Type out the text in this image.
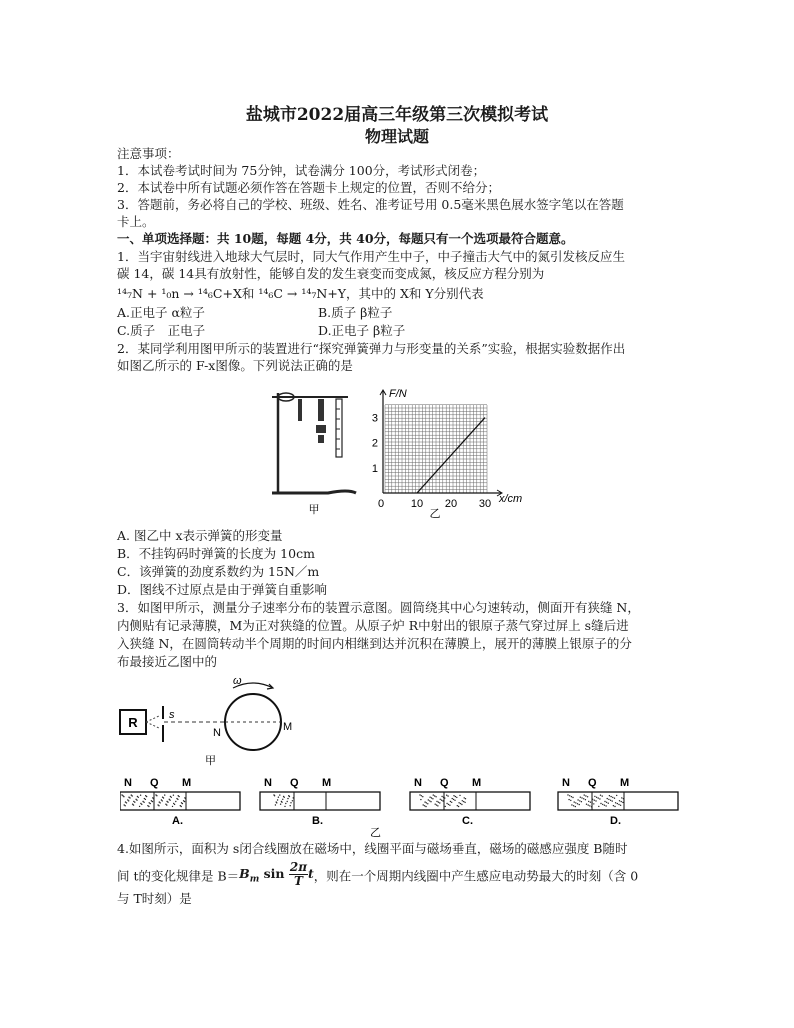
盐城市2022届高三年级第三次模拟考试
物理试题
注意事项：
1．本试卷考试时间为 75分钟，试卷满分 100分，考试形式闭卷；
2．本试卷中所有试题必须作答在答题卡上规定的位置，否则不给分；
3．答题前，务必将自己的学校、班级、姓名、准考证号用 0.5毫米黑色展水签字笔以在答题
卡上。
一、单项选择题：共 10题，每题 4分，共 40分，每题只有一个选项最符合题意。
1．当宇宙射线进入地球大气层时，同大气作用产生中子，中子撞击大气中的氮引发核反应生
碳 14，碳 14具有放射性，能够自发的发生衰变而变成氮，核反应方程分别为
¹⁴₇N + ¹₀n → ¹⁴₆C+X和 ¹⁴₆C → ¹⁴₇N+Y，其中的 X和 Y分别代表
A.正电子 α粒子	B.质子 β粒子
C.质子　正电子	D.正电子 β粒子
2．某同学利用图甲所示的装置进行“探究弹簧弹力与形变量的关系”实验，根据实验数据作出
如图乙所示的 F-x图像。下列说法正确的是
甲	0 10 20 30
1
2
3
F/N
x/cm
乙
A. 图乙中 x表示弹簧的形变量
B．不挂钩码时弹簧的长度为 10cm
C．该弹簧的劲度系数约为 15N／m
D．图线不过原点是由于弹簧自重影响
3．如图甲所示，测量分子速率分布的装置示意图。圆筒绕其中心匀速转动，侧面开有狭缝 N，
内侧贴有记录薄膜，M为正对狭缝的位置。从原子炉 R中射出的银原子蒸气穿过屏上 s缝后进
入狭缝 N，在圆筒转动半个周期的时间内相继到达并沉积在薄膜上，展开的薄膜上银原子的分
布最接近乙图中的
R	s
ω
N	M
甲
N Q M
A.
N Q M
B.
N Q M
C.
N Q M
D.
乙
4.如图所示，面积为 s闭合线圈放在磁场中，线圈平面与磁场垂直，磁场的磁感应强度 B随时
间 t的变化规律是 $B=B_m$ $\sin \frac{2\pi}{T}$ t，则在一个周期内线圈中产生感应电动势最大的时刻（含 0
与 T时刻）是
